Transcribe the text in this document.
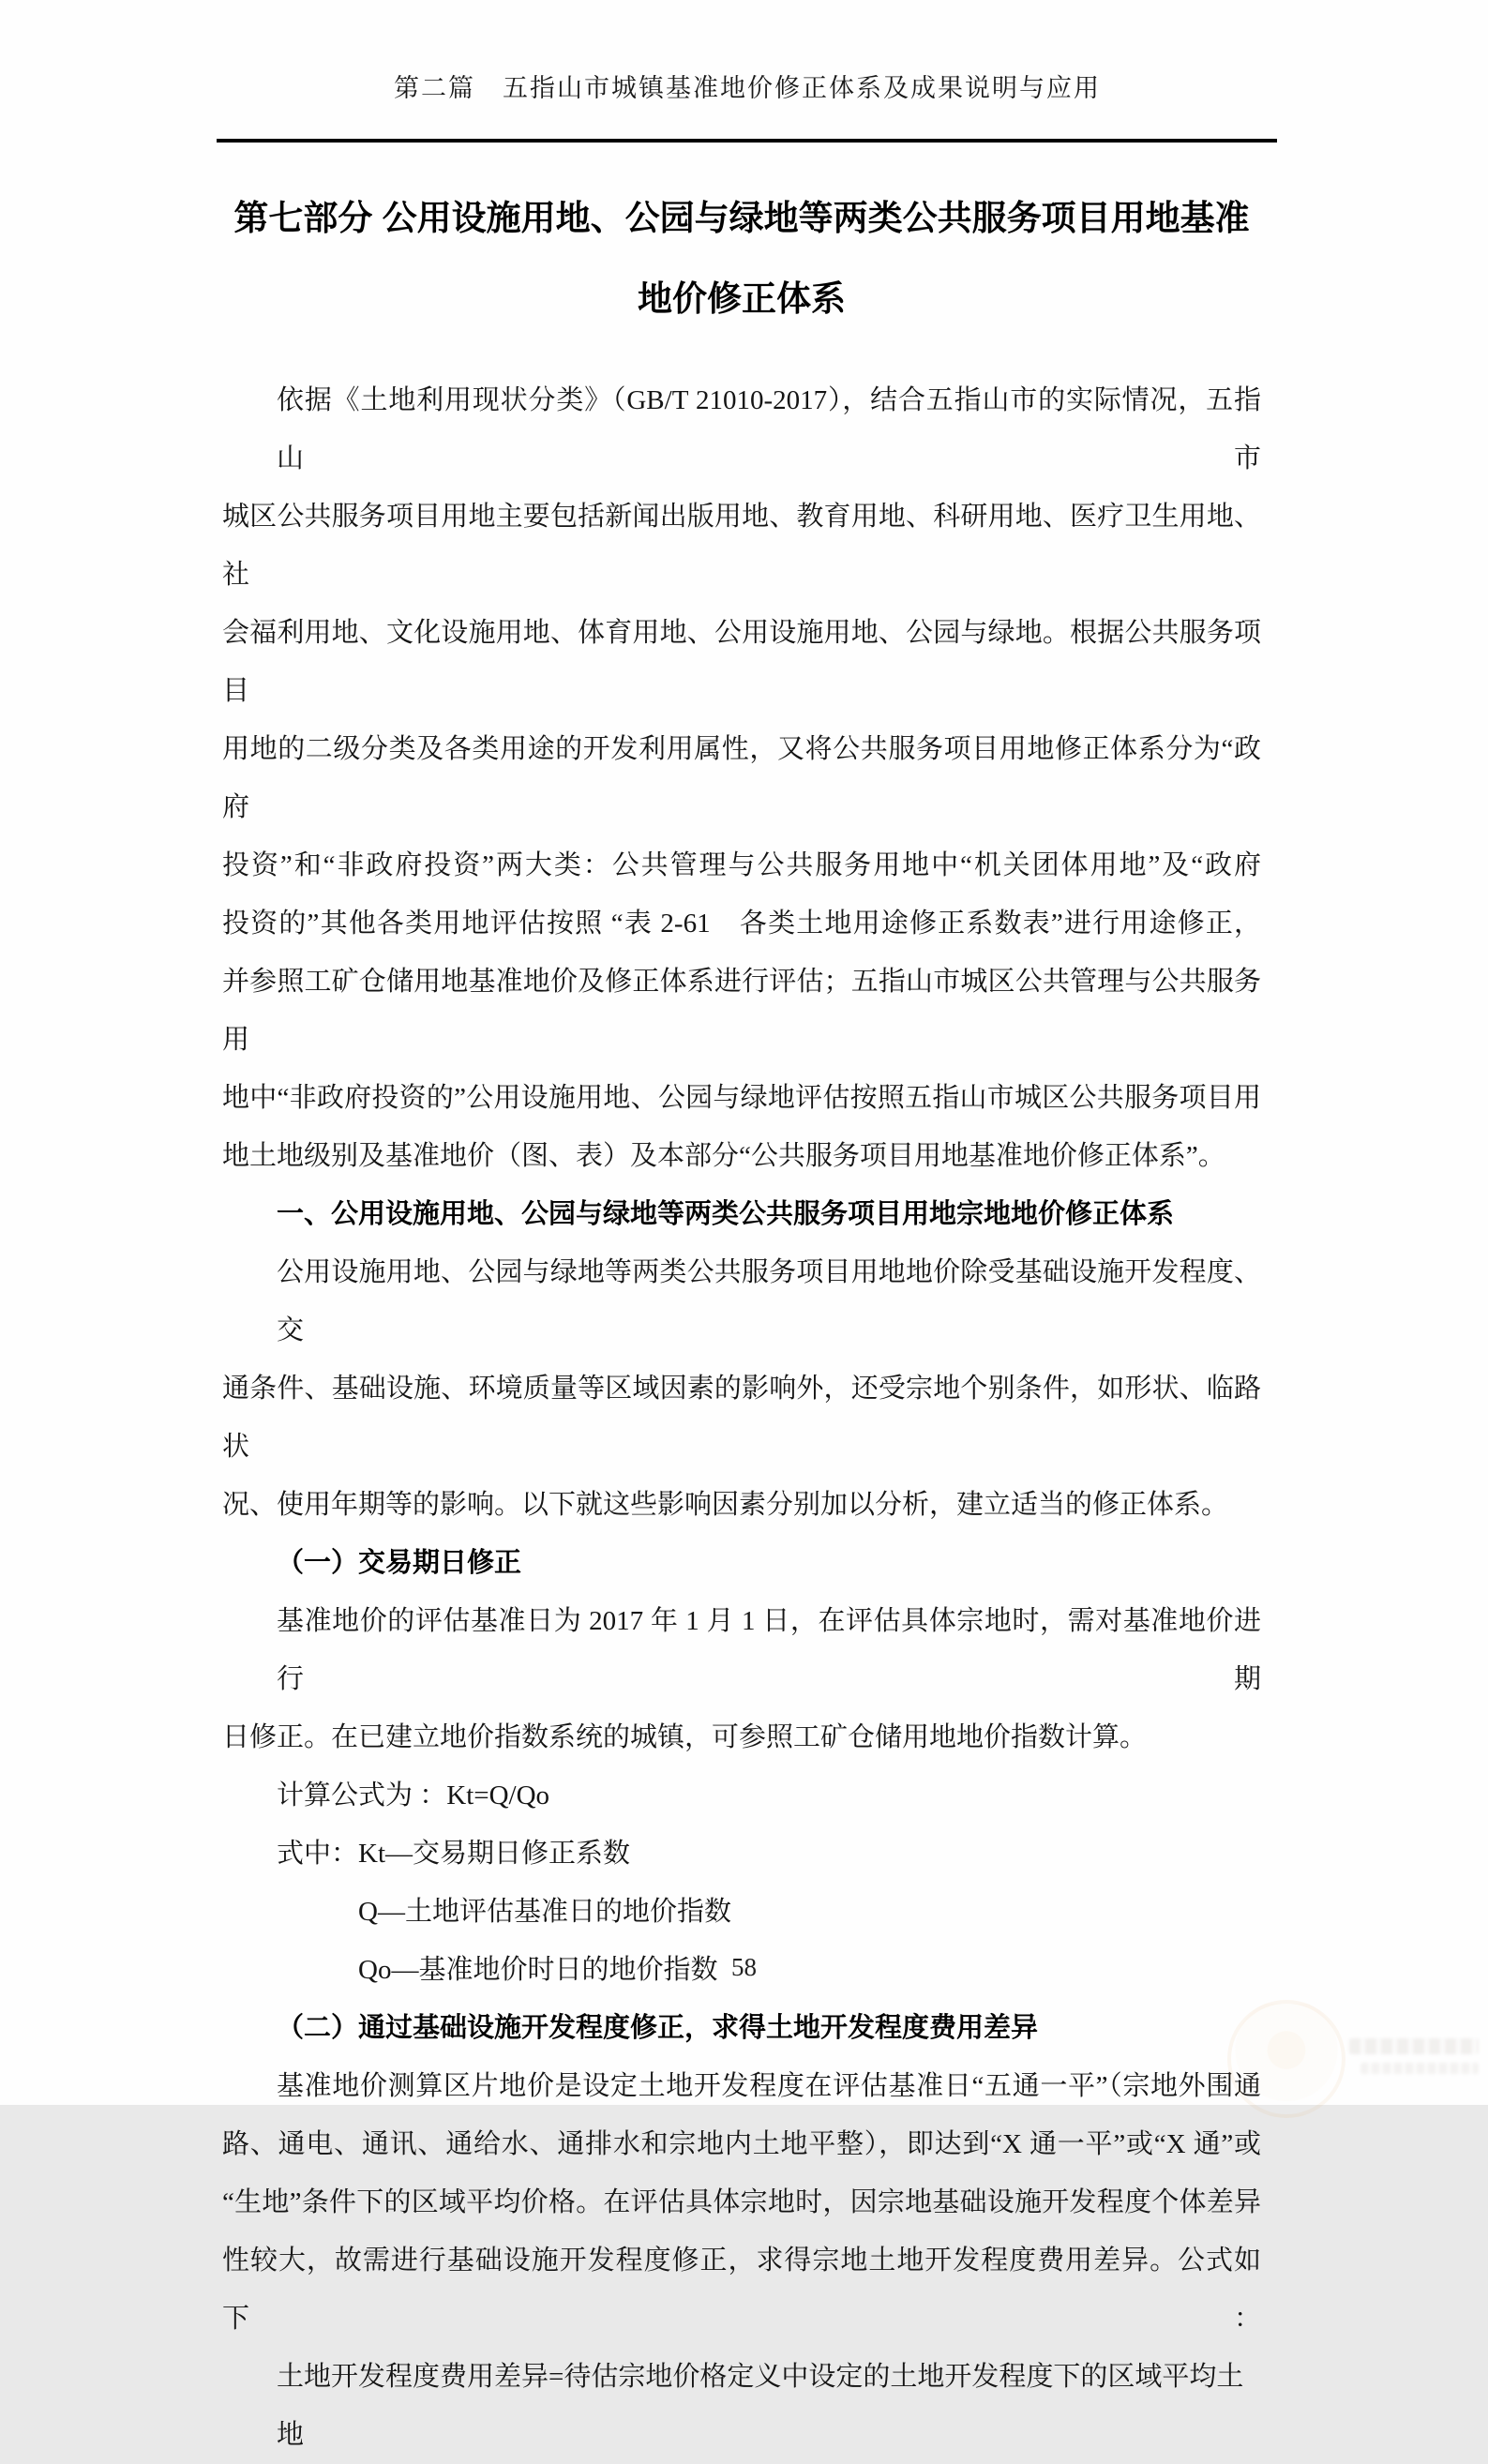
第二篇　五指山市城镇基准地价修正体系及成果说明与应用
第七部分 公用设施用地、公园与绿地等两类公共服务项目用地基准
地价修正体系
依据《土地利用现状分类》（GB/T 21010-2017），结合五指山市的实际情况，五指山市
城区公共服务项目用地主要包括新闻出版用地、教育用地、科研用地、医疗卫生用地、社
会福利用地、文化设施用地、体育用地、公用设施用地、公园与绿地。根据公共服务项目
用地的二级分类及各类用途的开发利用属性，又将公共服务项目用地修正体系分为“政府
投资”和“非政府投资”两大类：公共管理与公共服务用地中“机关团体用地”及“政府
投资的”其他各类用地评估按照 “表 2-61　各类土地用途修正系数表”进行用途修正，
并参照工矿仓储用地基准地价及修正体系进行评估；五指山市城区公共管理与公共服务用
地中“非政府投资的”公用设施用地、公园与绿地评估按照五指山市城区公共服务项目用
地土地级别及基准地价（图、表）及本部分“公共服务项目用地基准地价修正体系”。
一、公用设施用地、公园与绿地等两类公共服务项目用地宗地地价修正体系
公用设施用地、公园与绿地等两类公共服务项目用地地价除受基础设施开发程度、交
通条件、基础设施、环境质量等区域因素的影响外，还受宗地个别条件，如形状、临路状
况、使用年期等的影响。以下就这些影响因素分别加以分析，建立适当的修正体系。
（一）交易期日修正
基准地价的评估基准日为 2017 年 1 月 1 日，在评估具体宗地时，需对基准地价进行期
日修正。在已建立地价指数系统的城镇，可参照工矿仓储用地地价指数计算。
计算公式为 ：Kt=Q/Qo
式中：Kt—交易期日修正系数
Q—土地评估基准日的地价指数
Qo—基准地价时日的地价指数
（二）通过基础设施开发程度修正，求得土地开发程度费用差异
基准地价测算区片地价是设定土地开发程度在评估基准日“五通一平”（宗地外围通
路、通电、通讯、通给水、通排水和宗地内土地平整），即达到“X 通一平”或“X 通”或
“生地”条件下的区域平均价格。在评估具体宗地时，因宗地基础设施开发程度个体差异
性较大，故需进行基础设施开发程度修正，求得宗地土地开发程度费用差异。公式如下：
土地开发程度费用差异=待估宗地价格定义中设定的土地开发程度下的区域平均土地
58
